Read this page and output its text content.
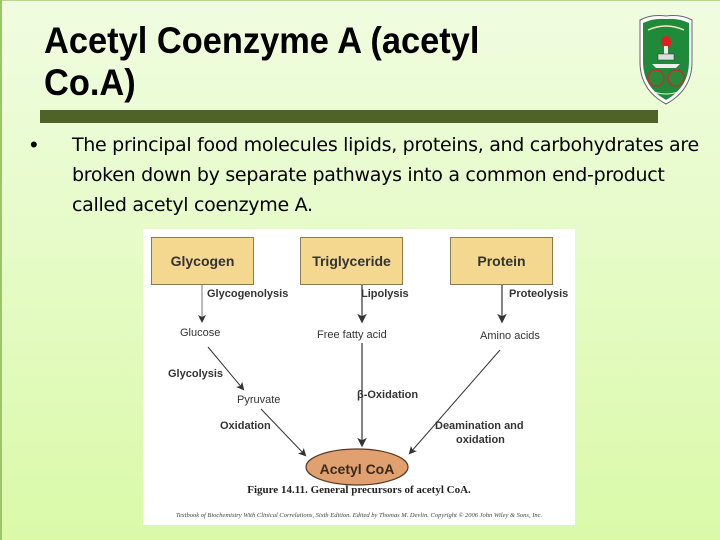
Acetyl Coenzyme A (acetyl
Co.A)
• The principal food molecules lipids, proteins, and carbohydrates are broken down by separate pathways into a common end-product called acetyl coenzyme A.
Glycogen	Triglyceride	Protein
Glycogenolysis	Lipolysis	Proteolysis
Glucose	Free fatty acid	Amino acids
Glycolysis
Pyruvate
Oxidation
β-Oxidation
Deamination and
oxidation
Acetyl CoA
Figure 14.11. General precursors of acetyl CoA.
Textbook of Biochemistry With Clinical Correlations, Sixth Edition. Edited by Thomas M. Devlin. Copyright © 2006 John Wiley & Sons, Inc.
